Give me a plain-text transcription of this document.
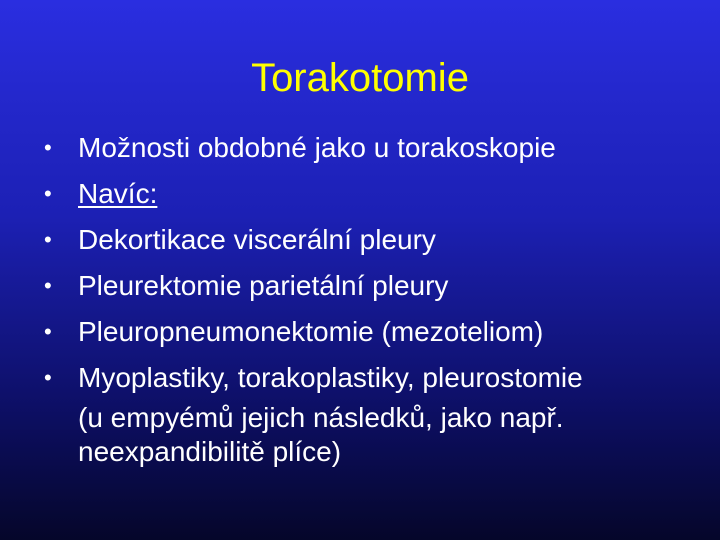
Torakotomie
• Možnosti obdobné jako u torakoskopie
• Navíc:
• Dekortikace viscerální pleury
• Pleurektomie parietální pleury
• Pleuropneumonektomie (mezoteliom)
• Myoplastiky, torakoplastiky, pleurostomie
(u empyémů jejich následků, jako např.
neexpandibilitě plíce)
